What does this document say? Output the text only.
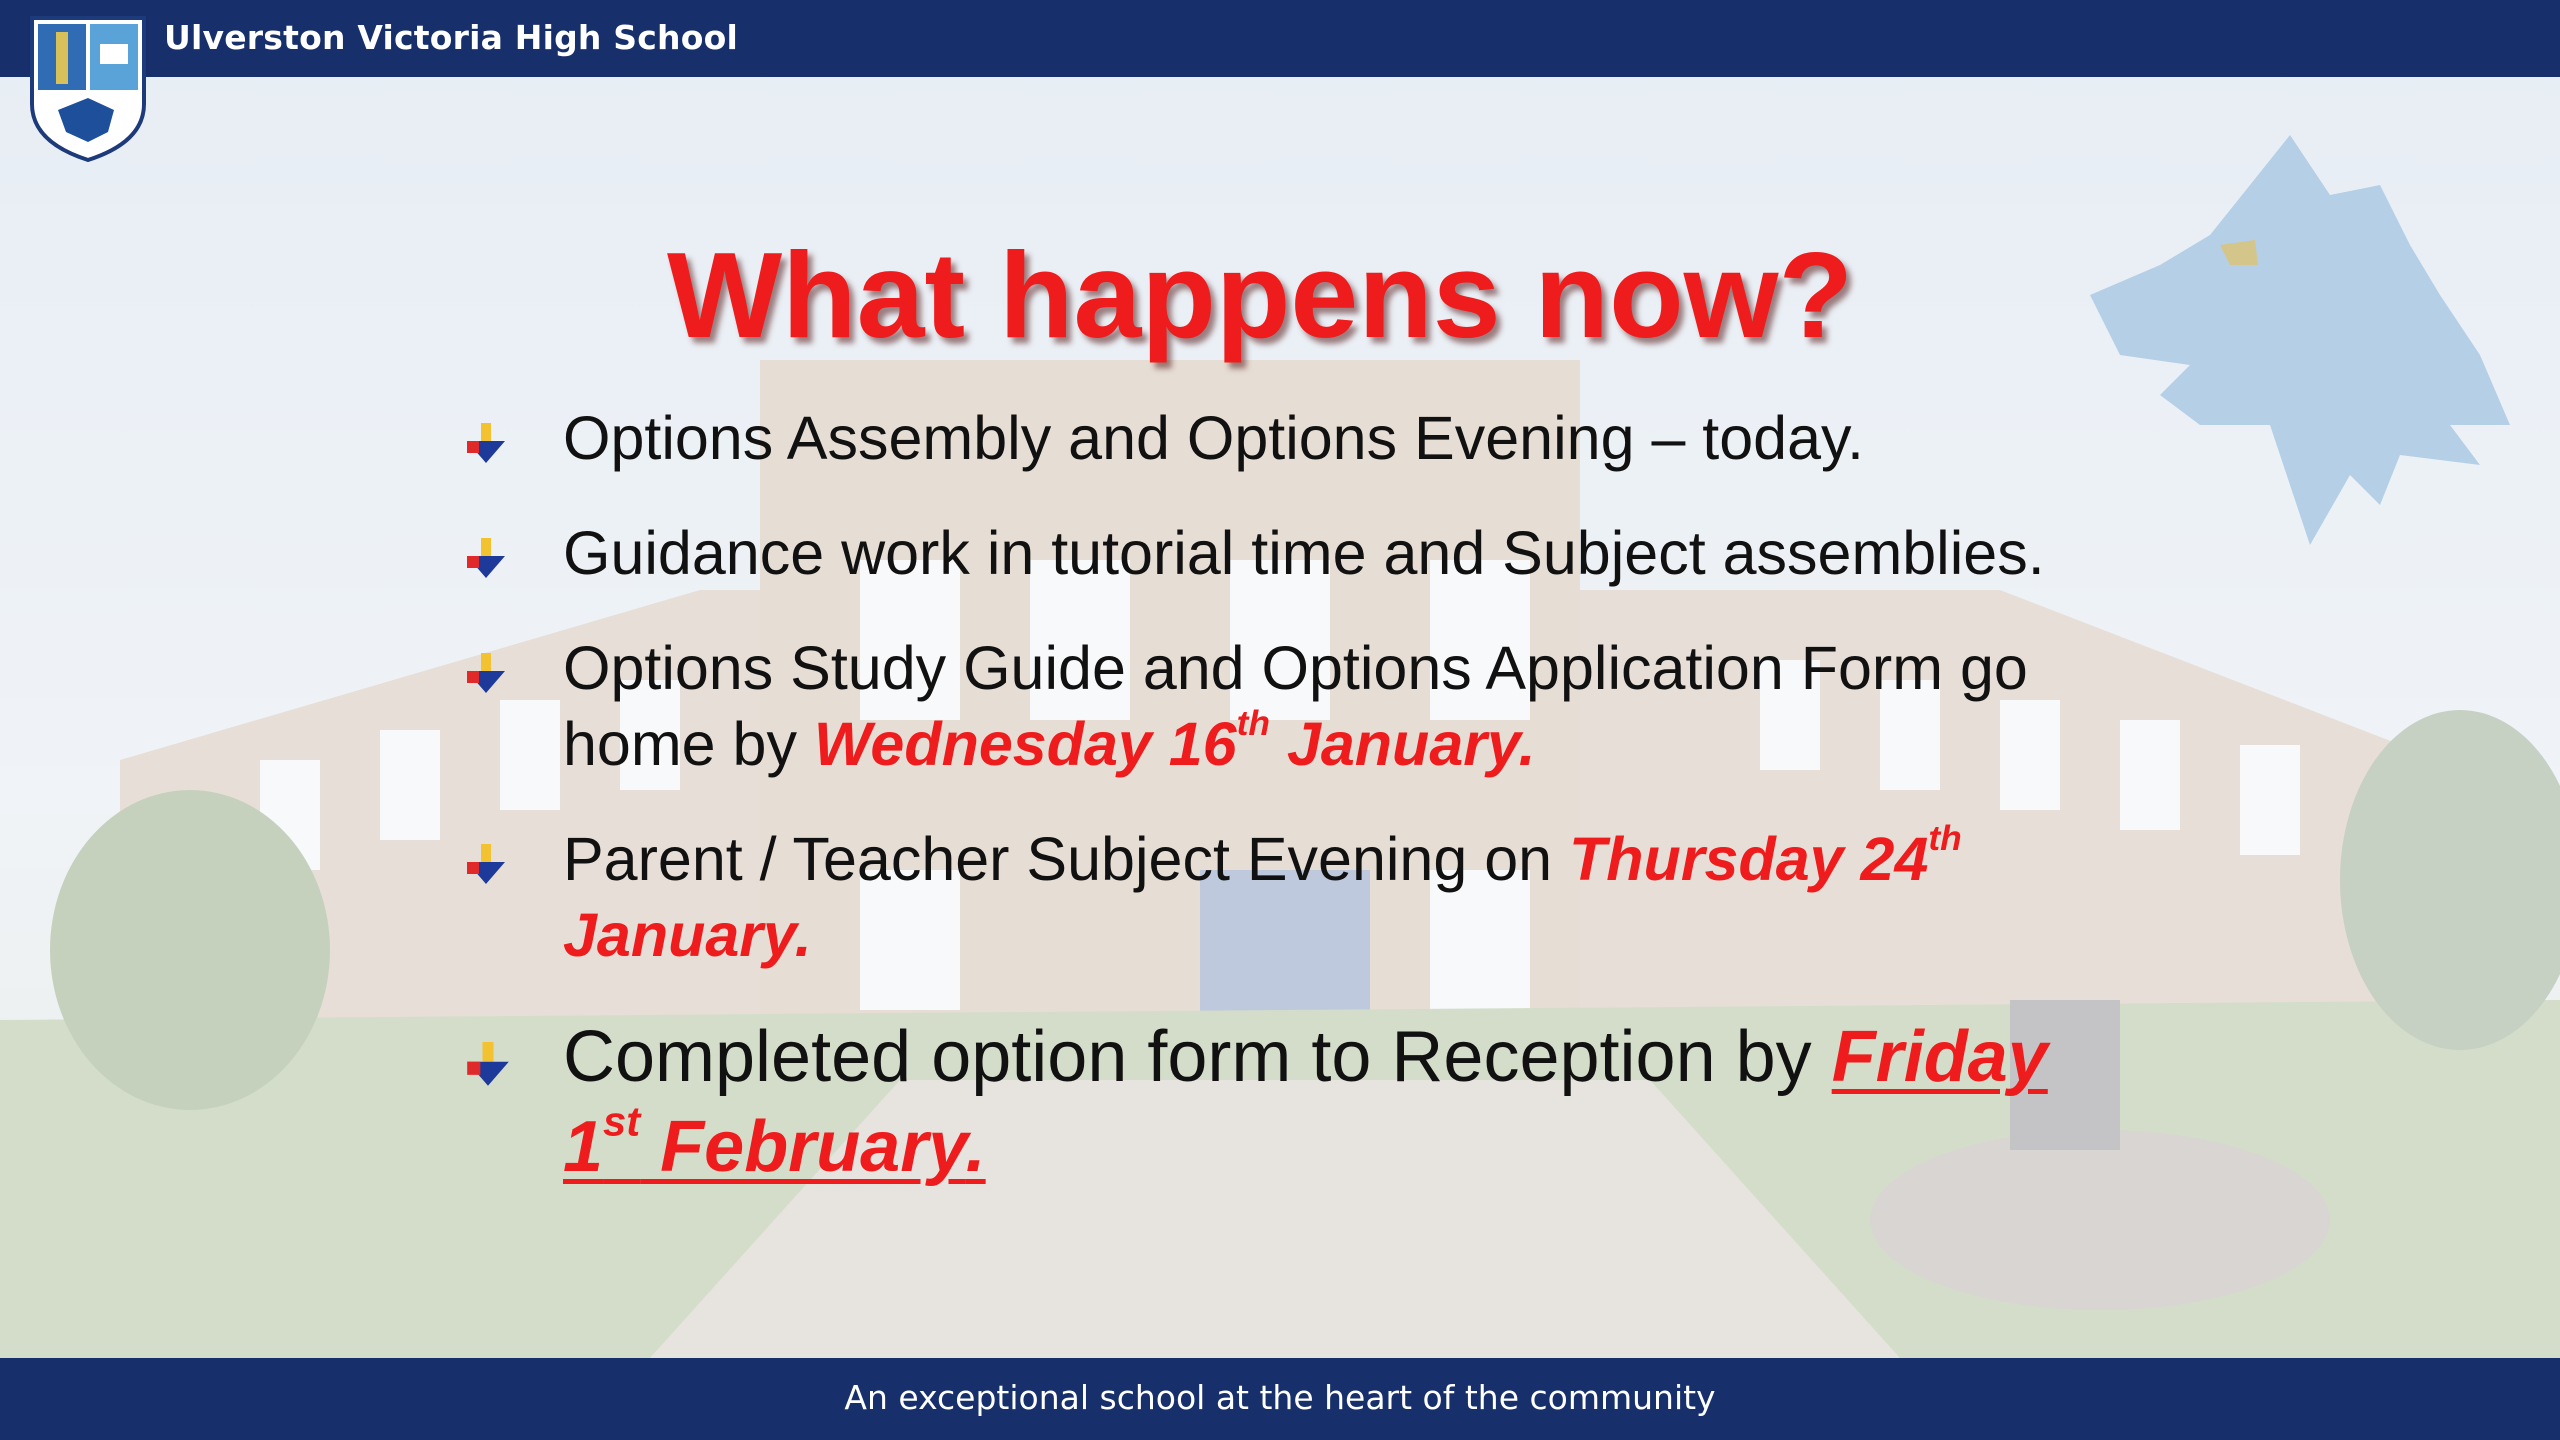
Ulverston Victoria High School
What happens now?
Options Assembly and Options Evening – today.
Guidance work in tutorial time and Subject assemblies.
Options Study Guide and Options Application Form go home by Wednesday 16th January.
Parent / Teacher Subject Evening on Thursday 24th January.
Completed option form to Reception by Friday 1st February.
An exceptional school at the heart of the community
